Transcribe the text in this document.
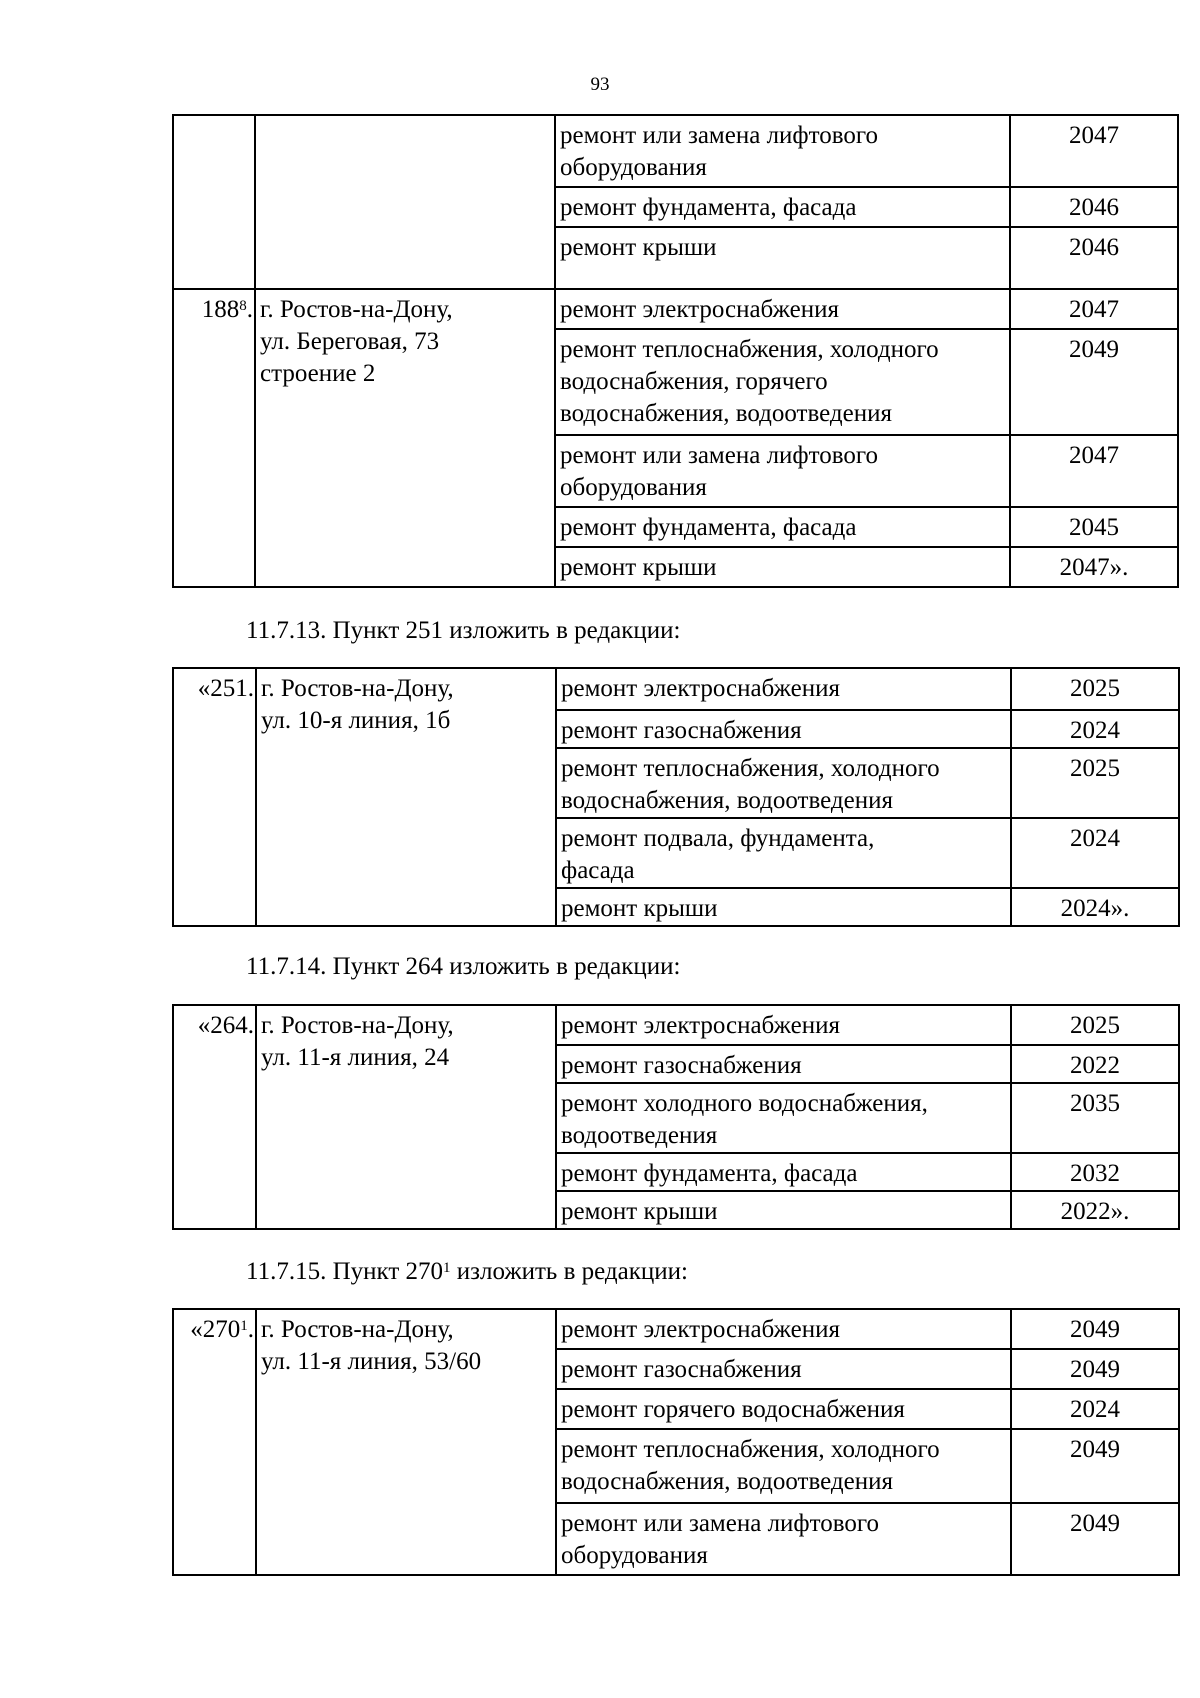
93
		ремонт или замена лифтового оборудования	2047
		ремонт фундамента, фасада	2046
		ремонт крыши	2046
$188^8$.	г. Ростов-на-Дону,
ул. Береговая, 73
строение 2	ремонт электроснабжения	2047
		ремонт теплоснабжения, холодного
водоснабжения, горячего
водоснабжения, водоотведения	2049
		ремонт или замена лифтового
оборудования	2047
		ремонт фундамента, фасада	2045
		ремонт крыши	2047».
11.7.13. Пункт 251 изложить в редакции:
«251.	г. Ростов-на-Дону,
ул. 10-я линия, 1б	ремонт электроснабжения	2025
		ремонт газоснабжения	2024
		ремонт теплоснабжения, холодного
водоснабжения, водоотведения	2025
		ремонт подвала, фундамента,
фасада	2024
		ремонт крыши	2024».
11.7.14. Пункт 264 изложить в редакции:
«264.	г. Ростов-на-Дону,
ул. 11-я линия, 24	ремонт электроснабжения	2025
		ремонт газоснабжения	2022
		ремонт холодного водоснабжения,
водоотведения	2035
		ремонт фундамента, фасада	2032
		ремонт крыши	2022».
11.7.15. Пункт $270^1$ изложить в редакции:
«$270^1$.	г. Ростов-на-Дону,
ул. 11-я линия, 53/60	ремонт электроснабжения	2049
		ремонт газоснабжения	2049
		ремонт горячего водоснабжения	2024
		ремонт теплоснабжения, холодного
водоснабжения, водоотведения	2049
		ремонт или замена лифтового
оборудования	2049
